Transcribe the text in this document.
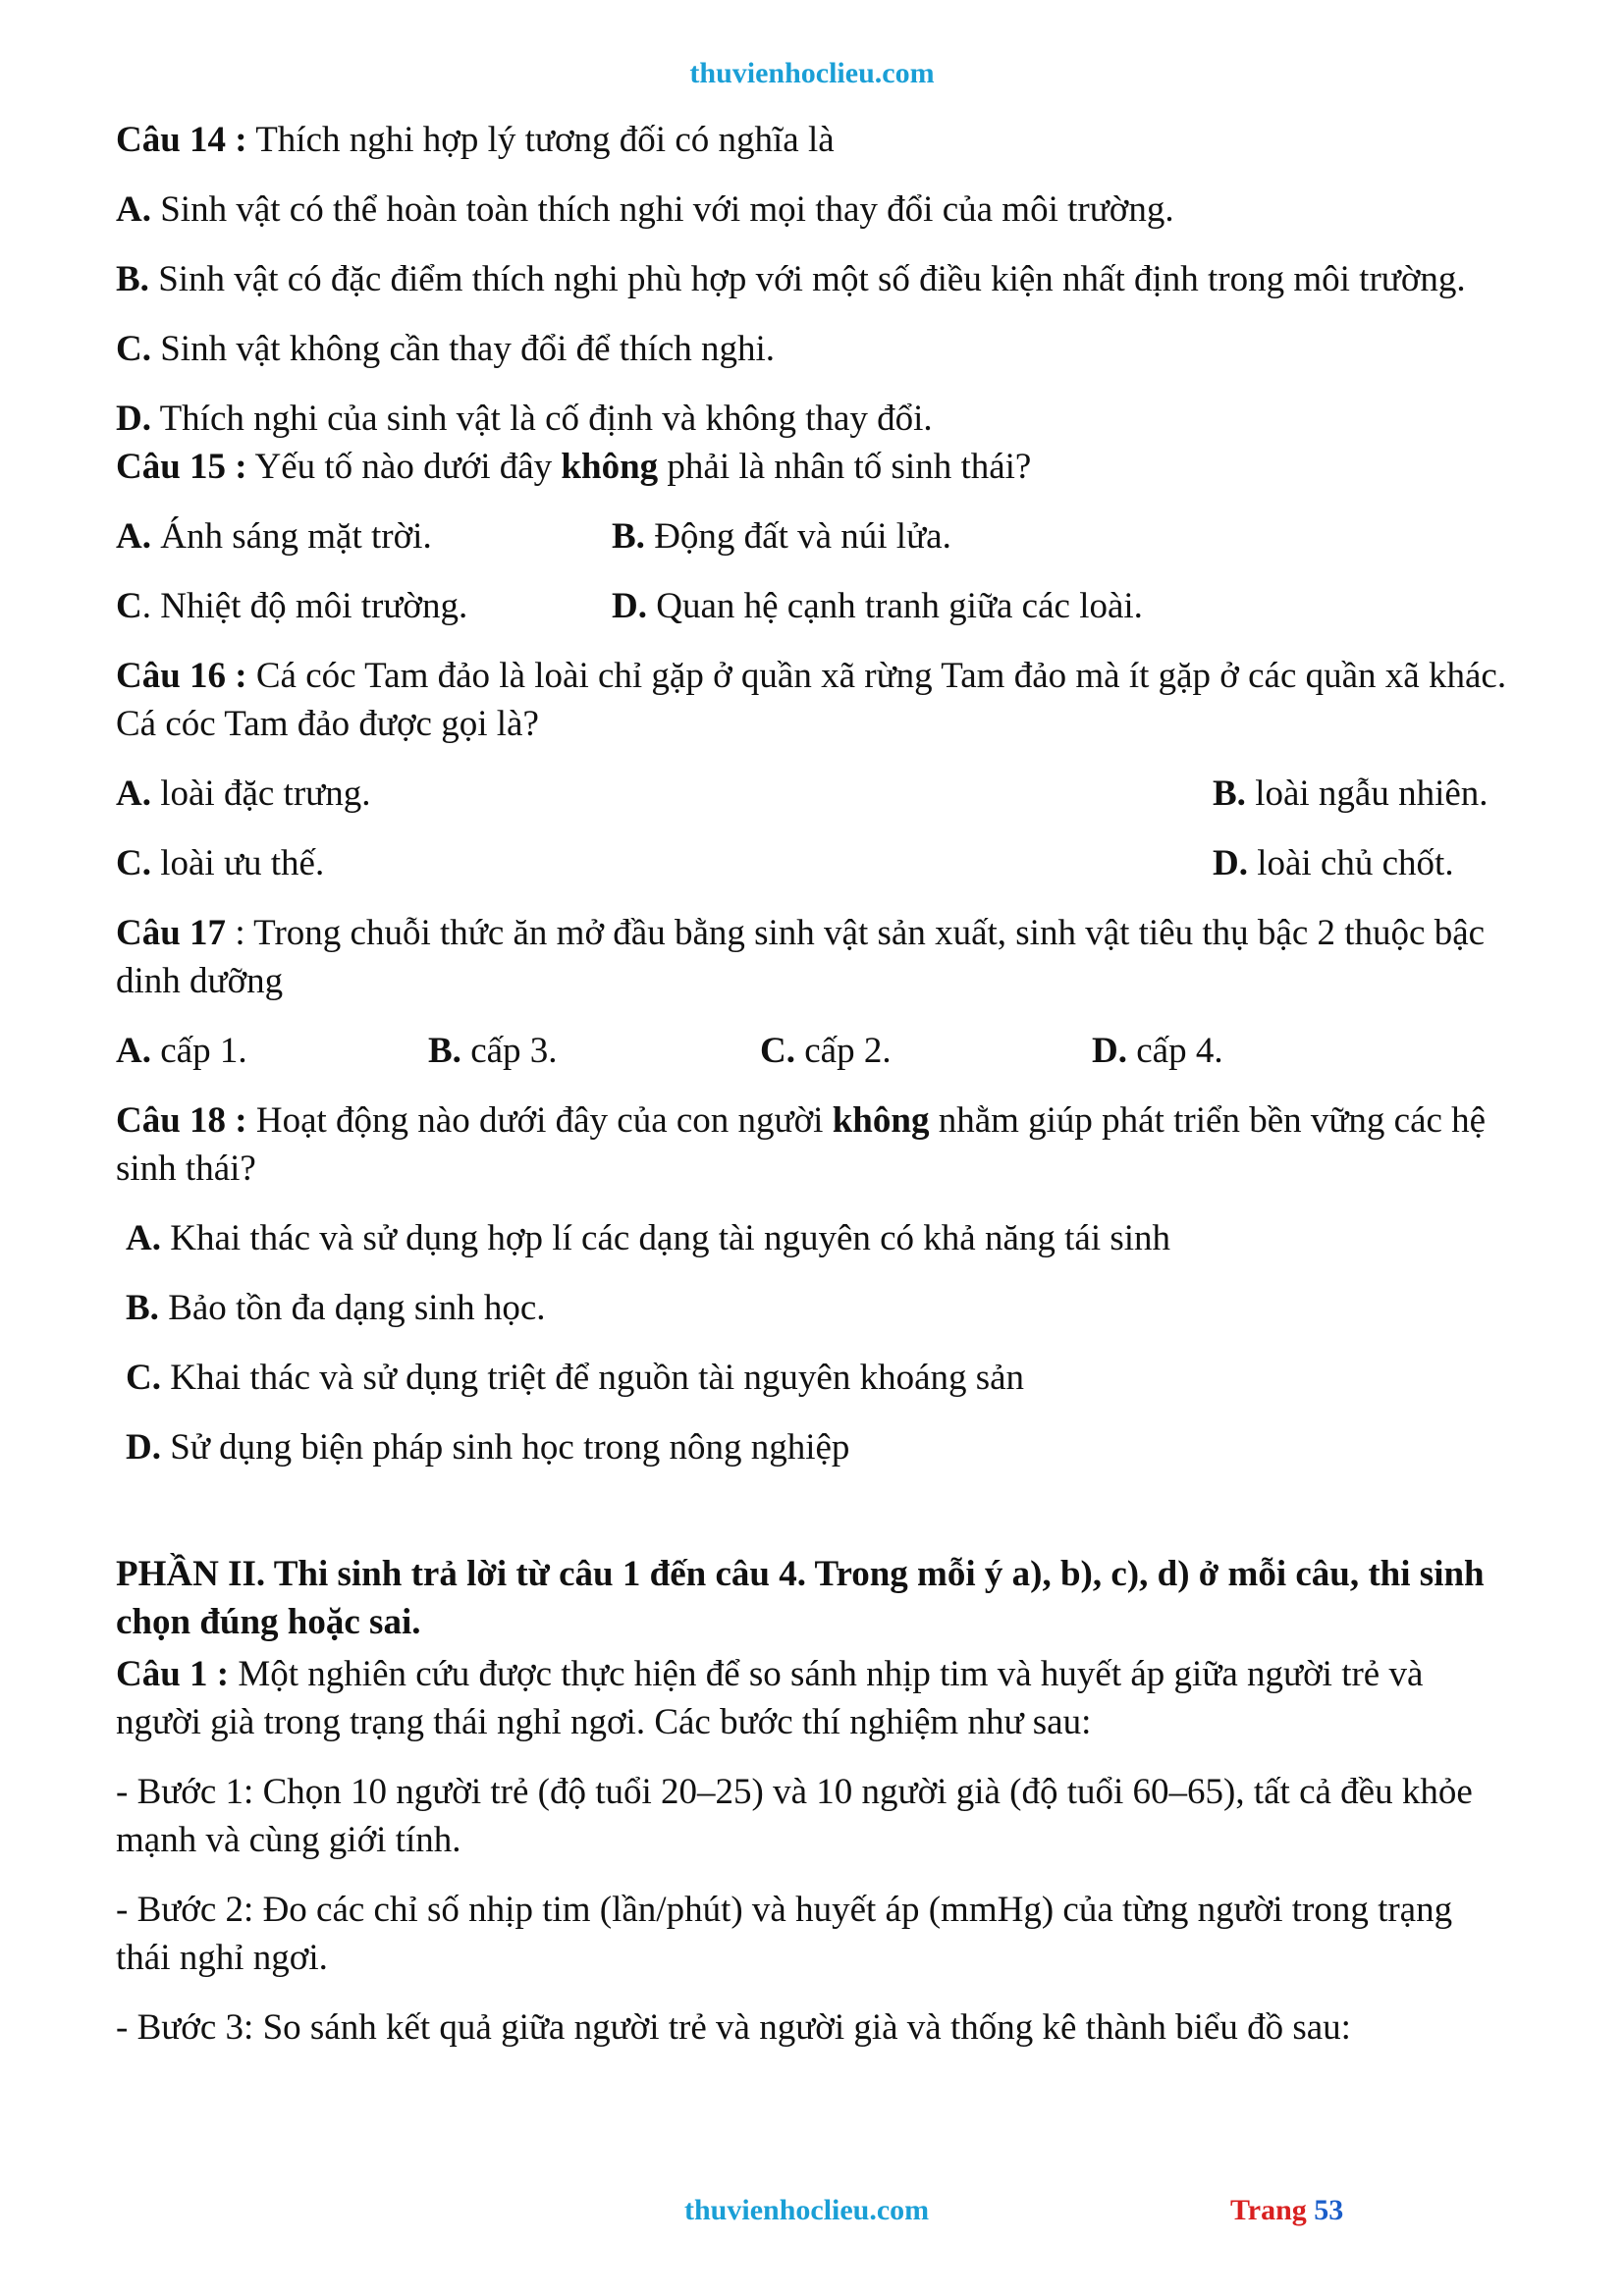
thuvienhoclieu.com
Câu 14 : Thích nghi hợp lý tương đối có nghĩa là
A. Sinh vật có thể hoàn toàn thích nghi với mọi thay đổi của môi trường.
B. Sinh vật có đặc điểm thích nghi phù hợp với một số điều kiện nhất định trong môi trường.
C. Sinh vật không cần thay đổi để thích nghi.
D. Thích nghi của sinh vật là cố định và không thay đổi.
Câu 15 : Yếu tố nào dưới đây không phải là nhân tố sinh thái?
A. Ánh sáng mặt trời.	B. Động đất và núi lửa.
C. Nhiệt độ môi trường.	D. Quan hệ cạnh tranh giữa các loài.
Câu 16 : Cá cóc Tam đảo là loài chỉ gặp ở quần xã rừng Tam đảo mà ít gặp ở các quần xã khác. Cá cóc Tam đảo được gọi là?
A. loài đặc trưng.	B. loài ngẫu nhiên.
C. loài ưu thế.	D. loài chủ chốt.
Câu 17 : Trong chuỗi thức ăn mở đầu bằng sinh vật sản xuất, sinh vật tiêu thụ bậc 2 thuộc bậc dinh dưỡng
A. cấp 1.	B. cấp 3.	C. cấp 2.	D. cấp 4.
Câu 18 : Hoạt động nào dưới đây của con người không nhằm giúp phát triển bền vững các hệ sinh thái?
A. Khai thác và sử dụng hợp lí các dạng tài nguyên có khả năng tái sinh
B. Bảo tồn đa dạng sinh học.
C. Khai thác và sử dụng triệt để nguồn tài nguyên khoáng sản
D. Sử dụng biện pháp sinh học trong nông nghiệp
PHẦN II. Thi sinh trả lời từ câu 1 đến câu 4. Trong mỗi ý a), b), c), d) ở mỗi câu, thi sinh chọn đúng hoặc sai.
Câu 1 : Một nghiên cứu được thực hiện để so sánh nhịp tim và huyết áp giữa người trẻ và người già trong trạng thái nghỉ ngơi. Các bước thí nghiệm như sau:
- Bước 1: Chọn 10 người trẻ (độ tuổi 20–25) và 10 người già (độ tuổi 60–65), tất cả đều khỏe mạnh và cùng giới tính.
- Bước 2: Đo các chỉ số nhịp tim (lần/phút) và huyết áp (mmHg) của từng người trong trạng thái nghỉ ngơi.
- Bước 3: So sánh kết quả giữa người trẻ và người già và thống kê thành biểu đồ sau:
thuvienhoclieu.com	Trang 53
